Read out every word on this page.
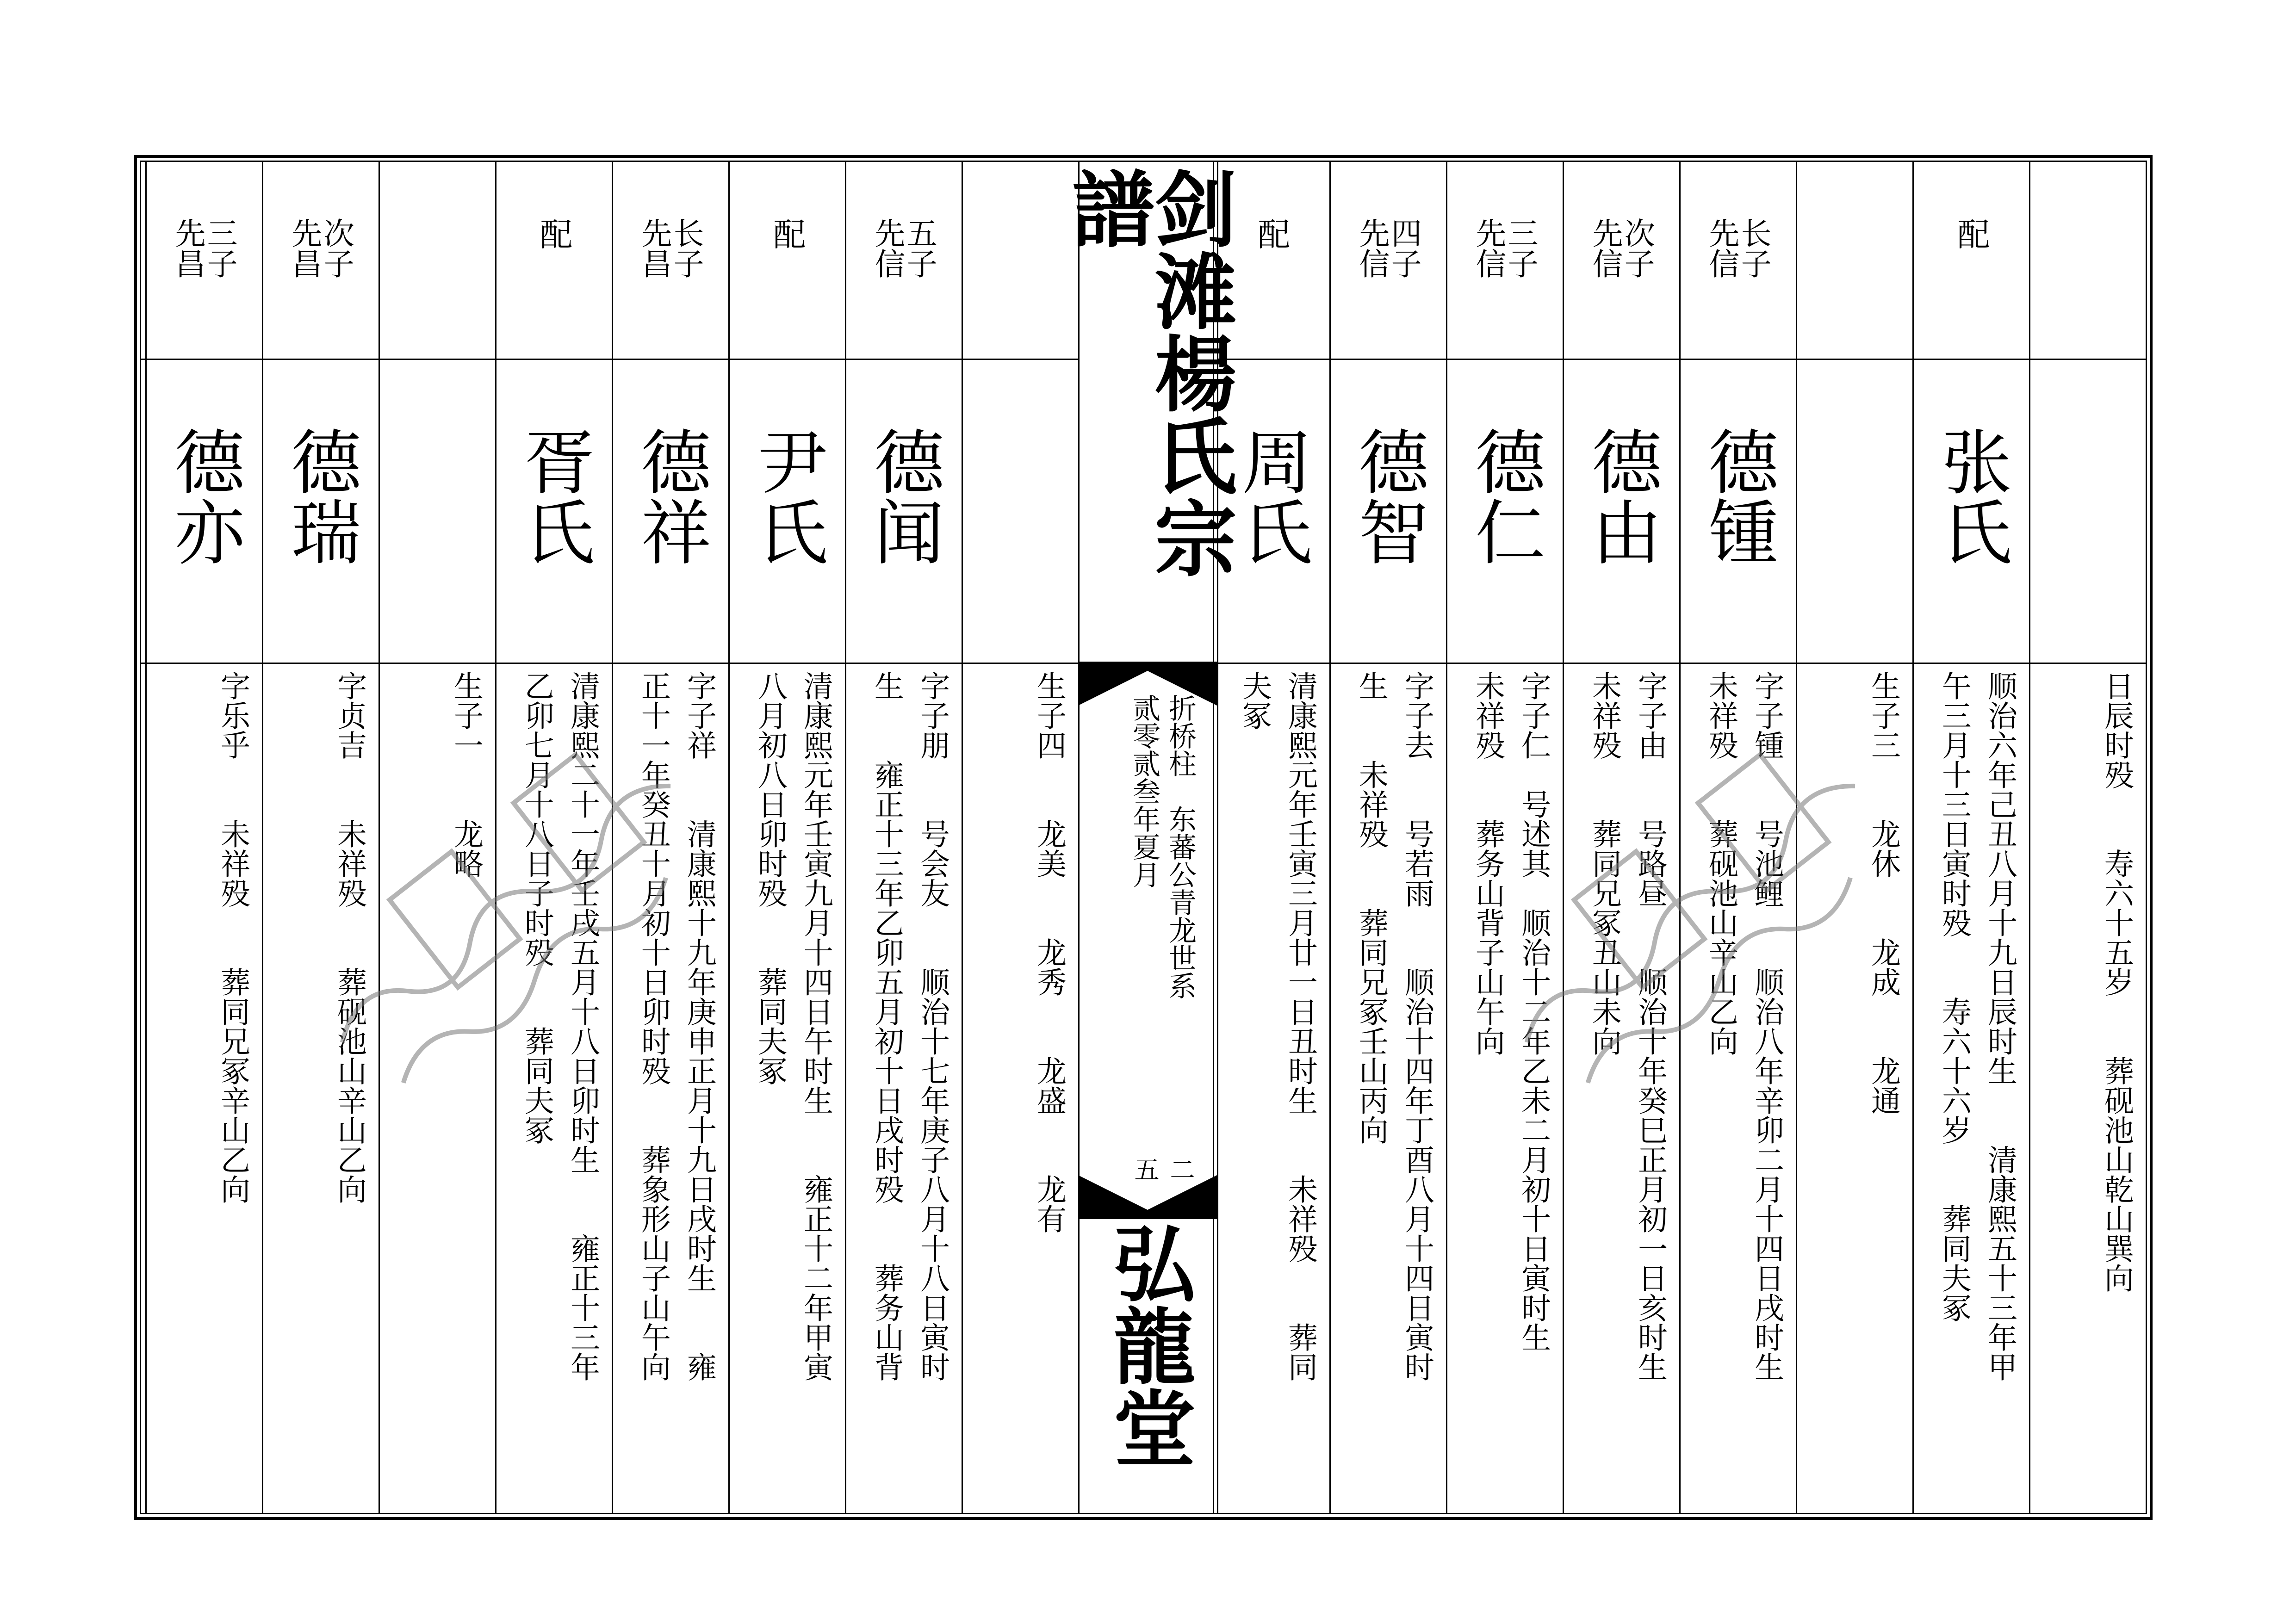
日辰时殁　　寿六十五岁　　葬砚池山乾山巽向
配
张氏
顺治六年己丑八月十九日辰时生　　清康熙五十三年甲
午三月十三日寅时殁　　寿六十六岁　　葬同夫冢
生子三　　龙休　　龙成　　龙通
长子先信
德锺
字子锺　　号池鲤　　顺治八年辛卯二月十四日戌时生
未祥殁　　葬砚池山辛山乙向
次子先信
德由
字子由　　号路昼　　顺治十年癸巳正月初一日亥时生
未祥殁　　葬同兄冢丑山未向
三子先信
德仁
字子仁　号述其　顺治十二年乙未二月初十日寅时生
未祥殁　　葬务山背子山午向
四子先信
德智
字子去　　号若雨　　顺治十四年丁酉八月十四日寅时
生　　未祥殁　　葬同兄冢壬山丙向
配
周氏
清康熙元年壬寅三月廿一日丑时生　　未祥殁　　葬同
夫冢
生子四　　龙美　　龙秀　　龙盛　　龙有
五子先信
德闻
字子朋　　号会友　　顺治十七年庚子八月十八日寅时
生　　雍正十三年乙卯五月初十日戌时殁　　葬务山背
配
尹氏
清康熙元年壬寅九月十四日午时生　　雍正十二年甲寅
八月初八日卯时殁　　葬同夫冢
长子先昌
德祥
字子祥　　清康熙十九年庚申正月十九日戌时生　　雍
正十一年癸丑十月初十日卯时殁　　葬象形山子山午向
配
胥氏
清康熙二十一年壬戌五月十八日卯时生　　雍正十三年
乙卯七月十八日子时殁　　葬同夫冢
生子一　　龙略
次子先昌
德瑞
字贞吉　　未祥殁　　葬砚池山辛山乙向
三子先昌
德亦
字乐乎　　未祥殁　　葬同兄冢辛山乙向
剑滩楊氏宗譜
折桥柱　东蕃公青龙世系
贰零贰叁年夏月
二五
弘龍堂
